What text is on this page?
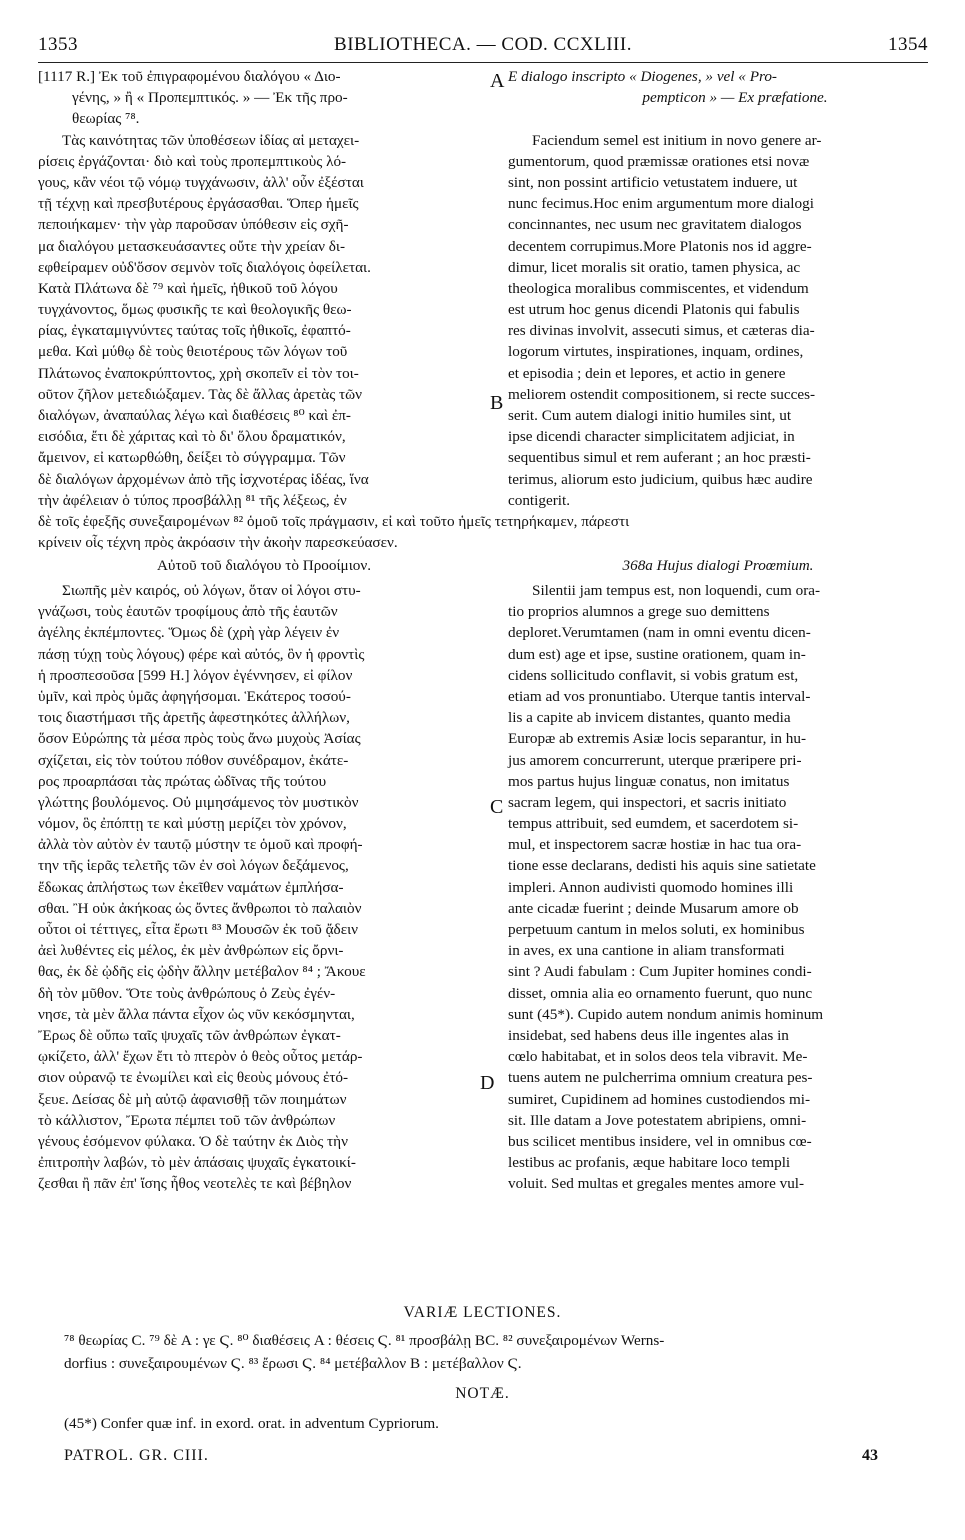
1353	BIBLIOTHECA. — COD. CCXLIII.	1354
[1117 R.] Ἐκ τοῦ ἐπιγραφομένου διαλόγου « Διο-
γένης, » ἢ « Προπεμπτικός. » — Ἐκ τῆς προ-
θεωρίας ⁷⁸.
Τὰς καινότητας τῶν ὑποθέσεων ἰδίας αἱ μεταχει-
ρίσεις ἐργάζονται· διὸ καὶ τοὺς προπεμπτικοὺς λό-
γους, κἂν νέοι τῷ νόμῳ τυγχάνωσιν, ἀλλ' οὖν ἐξέσται
τῇ τέχνῃ καὶ πρεσβυτέρους ἐργάσασθαι. Ὅπερ ἡμεῖς
πεποιήκαμεν· τὴν γὰρ παροῦσαν ὑπόθεσιν εἰς σχῆ-
μα διαλόγου μετασκευάσαντες οὔτε τὴν χρείαν δι-
εφθείραμεν οὐδ'ὅσον σεμνὸν τοῖς διαλόγοις ὀφείλεται.
Κατὰ Πλάτωνα δὲ ⁷⁹ καὶ ἡμεῖς, ἠθικοῦ τοῦ λόγου
τυγχάνοντος, ὅμως φυσικῆς τε καὶ θεολογικῆς θεω-
ρίας, ἐγκαταμιγνύντες ταύτας τοῖς ἠθικοῖς, ἐφαπτό-
μεθα. Καὶ μύθῳ δὲ τοὺς θειοτέρους τῶν λόγων τοῦ
Πλάτωνος ἐναποκρύπτοντος, χρὴ σκοπεῖν εἰ τὸν τοι-
οῦτον ζῆλον μετεδιώξαμεν. Τὰς δὲ ἄλλας ἀρετὰς τῶν
διαλόγων, ἀναπαύλας λέγω καὶ διαθέσεις ⁸⁰ καὶ ἐπ-
εισόδια, ἔτι δὲ χάριτας καὶ τὸ δι' ὅλου δραματικόν,
ἄμεινον, εἰ κατωρθώθη, δείξει τὸ σύγγραμμα. Τῶν
δὲ διαλόγων ἀρχομένων ἀπὸ τῆς ἰσχνοτέρας ἰδέας, ἵνα
τὴν ἀφέλειαν ὁ τύπος προσβάλλῃ ⁸¹ τῆς λέξεως, ἐν
E dialogo inscripto « Diogenes, » vel « Pro-
pempticon » — Ex præfatione.
Faciendum semel est initium in novo genere ar-
gumentorum, quod præmissæ orationes etsi novæ
sint, non possint artificio vetustatem induere, ut
nunc fecimus.Hoc enim argumentum more dialogi
concinnantes, nec usum nec gravitatem dialogos
decentem corrupimus.More Platonis nos id aggre-
dimur, licet moralis sit oratio, tamen physica, ac
theologica moralibus commiscentes, et videndum
est utrum hoc genus dicendi Platonis qui fabulis
res divinas involvit, assecuti simus, et cæteras dia-
logorum virtutes, inspirationes, inquam, ordines,
et episodia ; dein et lepores, et actio in genere
meliorem ostendit compositionem, si recte succes-
serit. Cum autem dialogi initio humiles sint, ut
ipse dicendi character simplicitatem adjiciat, in
sequentibus simul et rem auferant ; an hoc præsti-
terimus, aliorum esto judicium, quibus hæc audire
contigerit.
A
B
C
D
δὲ τοῖς ἐφεξῆς συνεξαιρομένων ⁸² ὁμοῦ τοῖς πράγμασιν, εἰ καὶ τοῦτο ἡμεῖς τετηρήκαμεν, πάρεστι
κρίνειν οἷς τέχνη πρὸς ἀκρόασιν τὴν ἀκοὴν παρεσκεύασεν.
Αὐτοῦ τοῦ διαλόγου τὸ Προοίμιον.	368a Hujus dialogi Proœmium.
Σιωπῆς μὲν καιρός, οὐ λόγων, ὅταν οἱ λόγοι στυ-
γνάζωσι, τοὺς ἑαυτῶν τροφίμους ἀπὸ τῆς ἑαυτῶν
ἀγέλης ἐκπέμποντες. Ὅμως δὲ (χρὴ γὰρ λέγειν ἐν
πάσῃ τύχῃ τοὺς λόγους) φέρε καὶ αὐτός, ὃν ἡ φροντὶς
ἡ προσπεσοῦσα [599 H.] λόγον ἐγέννησεν, εἰ φίλον
ὑμῖν, καὶ πρὸς ὑμᾶς ἀφηγήσομαι. Ἑκάτερος τοσού-
τοις διαστήμασι τῆς ἀρετῆς ἀφεστηκότες ἀλλήλων,
ὅσον Εὐρώπης τὰ μέσα πρὸς τοὺς ἄνω μυχοὺς Ἀσίας
σχίζεται, εἰς τὸν τούτου πόθον συνέδραμον, ἑκάτε-
ρος προαρπάσαι τὰς πρώτας ὠδῖνας τῆς τούτου
γλώττης βουλόμενος. Οὐ μιμησάμενος τὸν μυστικὸν
νόμον, ὃς ἐπόπτῃ τε καὶ μύστῃ μερίζει τὸν χρόνον,
ἀλλὰ τὸν αὐτὸν ἐν ταυτῷ μύστην τε ὁμοῦ καὶ προφή-
την τῆς ἱερᾶς τελετῆς τῶν ἐν σοὶ λόγων δεξάμενος,
ἔδωκας ἀπλήστως των ἐκεῖθεν ναμάτων ἐμπλήσα-
σθαι. Ἢ οὐκ ἀκήκοας ὡς ὄντες ἄνθρωποι τὸ παλαιὸν
οὗτοι οἱ τέττιγες, εἶτα ἔρωτι ⁸³ Μουσῶν ἐκ τοῦ ᾄδειν
ἀεὶ λυθέντες εἰς μέλος, ἐκ μὲν ἀνθρώπων εἰς ὄρνι-
θας, ἐκ δὲ ᾠδῆς εἰς ᾠδὴν ἄλλην μετέβαλον ⁸⁴ ; Ἄκουε
δὴ τὸν μῦθον. Ὅτε τοὺς ἀνθρώπους ὁ Ζεὺς ἐγέν-
νησε, τὰ μὲν ἄλλα πάντα εἶχον ὡς νῦν κεκόσμηνται,
Ἔρως δὲ οὔπω ταῖς ψυχαῖς τῶν ἀνθρώπων ἐγκατ-
ῳκίζετο, ἀλλ' ἔχων ἔτι τὸ πτερὸν ὁ θεὸς οὗτος μετάρ-
σιον οὐρανῷ τε ἐνωμίλει καὶ εἰς θεοὺς μόνους ἐτό-
ξευε. Δείσας δὲ μὴ αὐτῷ ἀφανισθῇ τῶν ποιημάτων
τὸ κάλλιστον, Ἔρωτα πέμπει τοῦ τῶν ἀνθρώπων
γένους ἐσόμενον φύλακα. Ὁ δὲ ταύτην ἐκ Διὸς τὴν
ἐπιτροπὴν λαβών, τὸ μὲν ἁπάσαις ψυχαῖς ἐγκατοικί-
ζεσθαι ἢ πᾶν ἐπ' ἴσης ἦθος νεοτελὲς τε καὶ βέβηλον
Silentii jam tempus est, non loquendi, cum ora-
tio proprios alumnos a grege suo demittens
deploret.Verumtamen (nam in omni eventu dicen-
dum est) age et ipse, sustine orationem, quam in-
cidens sollicitudo conflavit, si vobis gratum est,
etiam ad vos pronuntiabo. Uterque tantis interval-
lis a capite ab invicem distantes, quanto media
Europæ ab extremis Asiæ locis separantur, in hu-
jus amorem concurrerunt, uterque præripere pri-
mos partus hujus linguæ conatus, non imitatus
sacram legem, qui inspectori, et sacris initiato
tempus attribuit, sed eumdem, et sacerdotem si-
mul, et inspectorem sacræ hostiæ in hac tua ora-
tione esse declarans, dedisti his aquis sine satietate
impleri. Annon audivisti quomodo homines illi
ante cicadæ fuerint ; deinde Musarum amore ob
perpetuum cantum in melos soluti, ex hominibus
in aves, ex una cantione in aliam transformati
sint ? Audi fabulam : Cum Jupiter homines condi-
disset, omnia alia eo ornamento fuerunt, quo nunc
sunt (45*). Cupido autem nondum animis hominum
insidebat, sed habens deus ille ingentes alas in
cœlo habitabat, et in solos deos tela vibravit. Me-
tuens autem ne pulcherrima omnium creatura pes-
sumiret, Cupidinem ad homines custodiendos mi-
sit. Ille datam a Jove potestatem abripiens, omni-
bus scilicet mentibus insidere, vel in omnibus cœ-
lestibus ac profanis, æque habitare loco templi
voluit. Sed multas et gregales mentes amore vul-
VARIÆ LECTIONES.
⁷⁸ θεωρίας C. ⁷⁹ δὲ A : γε Ϛ. ⁸⁰ διαθέσεις A : θέσεις Ϛ. ⁸¹ προσβάλῃ BC. ⁸² συνεξαιρομένων Werns-
dorfius : συνεξαιρουμένων Ϛ. ⁸³ ἔρωσι Ϛ. ⁸⁴ μετέβαλλον B : μετέβαλλον Ϛ.
NOTÆ.
(45*) Confer quæ inf. in exord. orat. in adventum Cypriorum.
PATROL. GR. CIII.	43
